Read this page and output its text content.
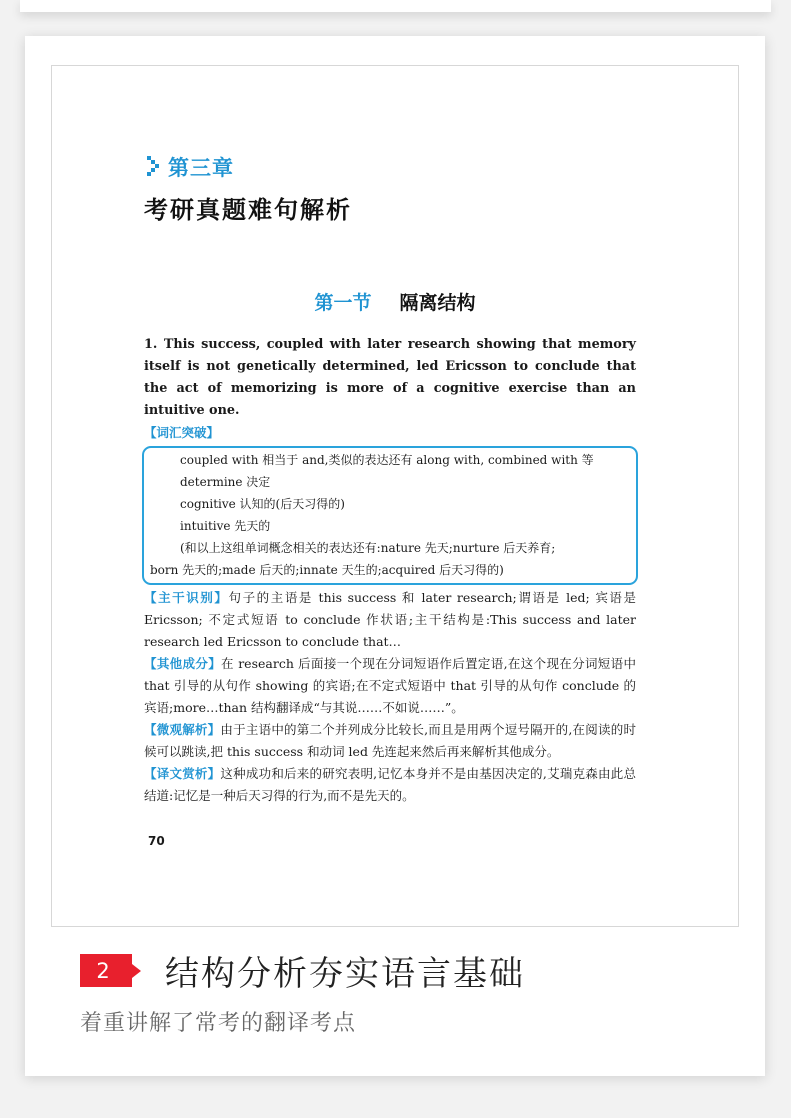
第三章
考研真题难句解析
第一节 隔离结构
1. This success, coupled with later research showing that memory itself is not genetically determined, led Ericsson to conclude that the act of memorizing is more of a cognitive exercise than an intuitive one.
【词汇突破】
coupled with 相当于 and,类似的表达还有 along with, combined with 等
determine 决定
cognitive 认知的(后天习得的)
intuitive 先天的
(和以上这组单词概念相关的表达还有:nature 先天;nurture 后天养育;
born 先天的;made 后天的;innate 天生的;acquired 后天习得的)
【主干识别】句子的主语是 this success 和 later research;谓语是 led; 宾语是 Ericsson; 不定式短语 to conclude 作状语;主干结构是:This success and later research led Ericsson to conclude that…
【其他成分】在 research 后面接一个现在分词短语作后置定语,在这个现在分词短语中 that 引导的从句作 showing 的宾语;在不定式短语中 that 引导的从句作 conclude 的宾语;more…than 结构翻译成“与其说……不如说……”。
【微观解析】由于主语中的第二个并列成分比较长,而且是用两个逗号隔开的,在阅读的时候可以跳读,把 this success 和动词 led 先连起来然后再来解析其他成分。
【译文赏析】这种成功和后来的研究表明,记忆本身并不是由基因决定的,艾瑞克森由此总结道:记忆是一种后天习得的行为,而不是先天的。
70
2 结构分析夯实语言基础
着重讲解了常考的翻译考点
